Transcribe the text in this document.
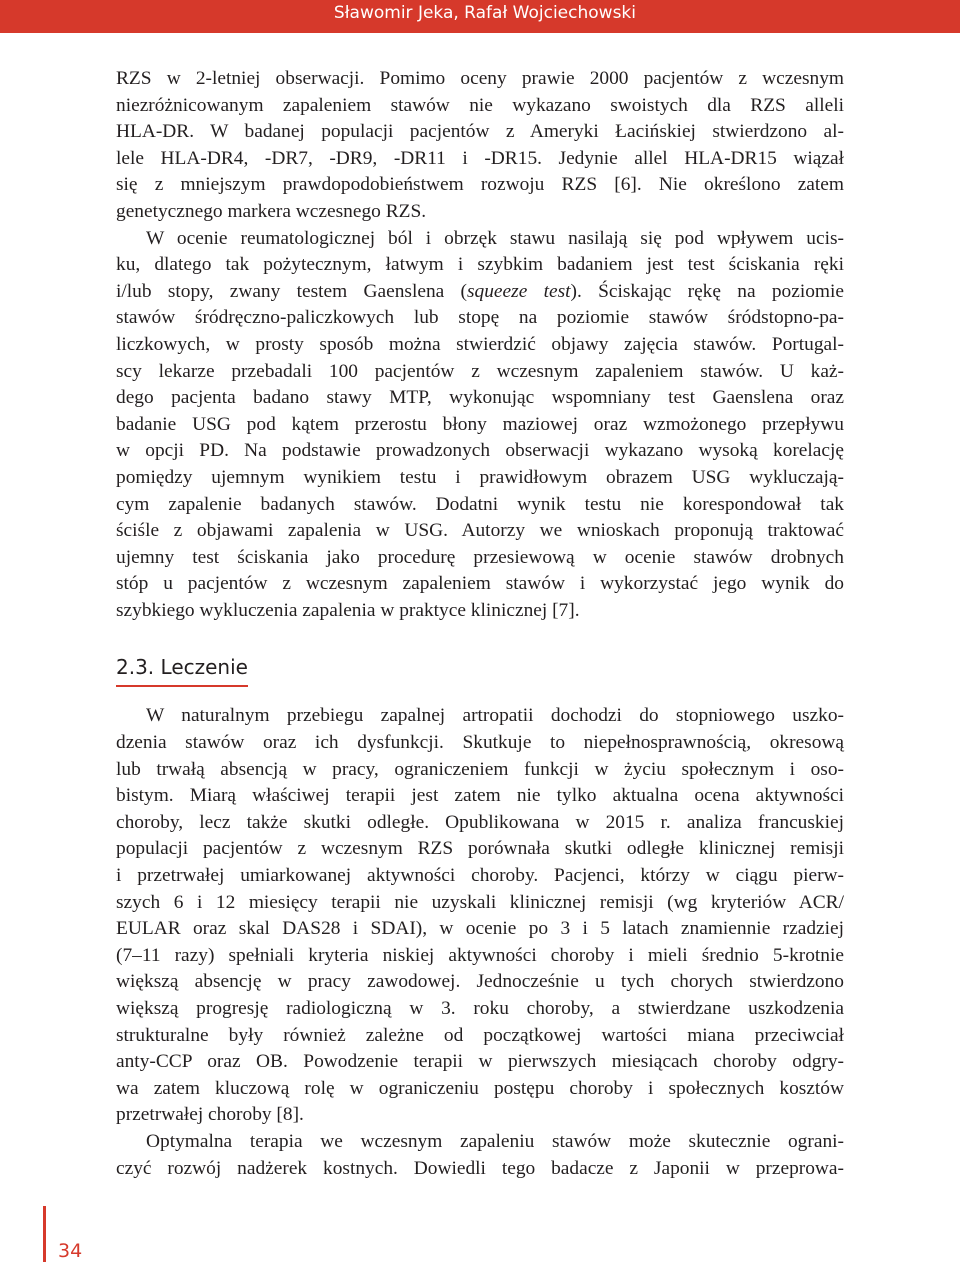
Sławomir Jeka, Rafał Wojciechowski

RZS w 2-letniej obserwacji. Pomimo oceny prawie 2000 pacjentów z wczesnym
niezróżnicowanym zapaleniem stawów nie wykazano swoistych dla RZS alleli
HLA-DR. W badanej populacji pacjentów z Ameryki Łacińskiej stwierdzono al-
lele HLA-DR4, -DR7, -DR9, -DR11 i -DR15. Jedynie allel HLA-DR15 wiązał
się z mniejszym prawdopodobieństwem rozwoju RZS [6]. Nie określono zatem
genetycznego markera wczesnego RZS.

W ocenie reumatologicznej ból i obrzęk stawu nasilają się pod wpływem ucis-
ku, dlatego tak pożytecznym, łatwym i szybkim badaniem jest test ściskania ręki
i/lub stopy, zwany testem Gaenslena (squeeze test). Ściskając rękę na poziomie
stawów śródręczno-paliczkowych lub stopę na poziomie stawów śródstopno-pa-
liczkowych, w prosty sposób można stwierdzić objawy zajęcia stawów. Portugal-
scy lekarze przebadali 100 pacjentów z wczesnym zapaleniem stawów. U każ-
dego pacjenta badano stawy MTP, wykonując wspomniany test Gaenslena oraz
badanie USG pod kątem przerostu błony maziowej oraz wzmożonego przepływu
w opcji PD. Na podstawie prowadzonych obserwacji wykazano wysoką korelację
pomiędzy ujemnym wynikiem testu i prawidłowym obrazem USG wykluczają-
cym zapalenie badanych stawów. Dodatni wynik testu nie korespondował tak
ściśle z objawami zapalenia w USG. Autorzy we wnioskach proponują traktować
ujemny test ściskania jako procedurę przesiewową w ocenie stawów drobnych
stóp u pacjentów z wczesnym zapaleniem stawów i wykorzystać jego wynik do
szybkiego wykluczenia zapalenia w praktyce klinicznej [7].

2.3. Leczenie

W naturalnym przebiegu zapalnej artropatii dochodzi do stopniowego uszko-
dzenia stawów oraz ich dysfunkcji. Skutkuje to niepełnosprawnością, okresową
lub trwałą absencją w pracy, ograniczeniem funkcji w życiu społecznym i oso-
bistym. Miarą właściwej terapii jest zatem nie tylko aktualna ocena aktywności
choroby, lecz także skutki odległe. Opublikowana w 2015 r. analiza francuskiej
populacji pacjentów z wczesnym RZS porównała skutki odległe klinicznej remisji
i przetrwałej umiarkowanej aktywności choroby. Pacjenci, którzy w ciągu pierw-
szych 6 i 12 miesięcy terapii nie uzyskali klinicznej remisji (wg kryteriów ACR/
EULAR oraz skal DAS28 i SDAI), w ocenie po 3 i 5 latach znamiennie rzadziej
(7–11 razy) spełniali kryteria niskiej aktywności choroby i mieli średnio 5-krotnie
większą absencję w pracy zawodowej. Jednocześnie u tych chorych stwierdzono
większą progresję radiologiczną w 3. roku choroby, a stwierdzane uszkodzenia
strukturalne były również zależne od początkowej wartości miana przeciwciał
anty-CCP oraz OB. Powodzenie terapii w pierwszych miesiącach choroby odgry-
wa zatem kluczową rolę w ograniczeniu postępu choroby i społecznych kosztów
przetrwałej choroby [8].

Optymalna terapia we wczesnym zapaleniu stawów może skutecznie ograni-
czyć rozwój nadżerek kostnych. Dowiedli tego badacze z Japonii w przeprowa-

34
